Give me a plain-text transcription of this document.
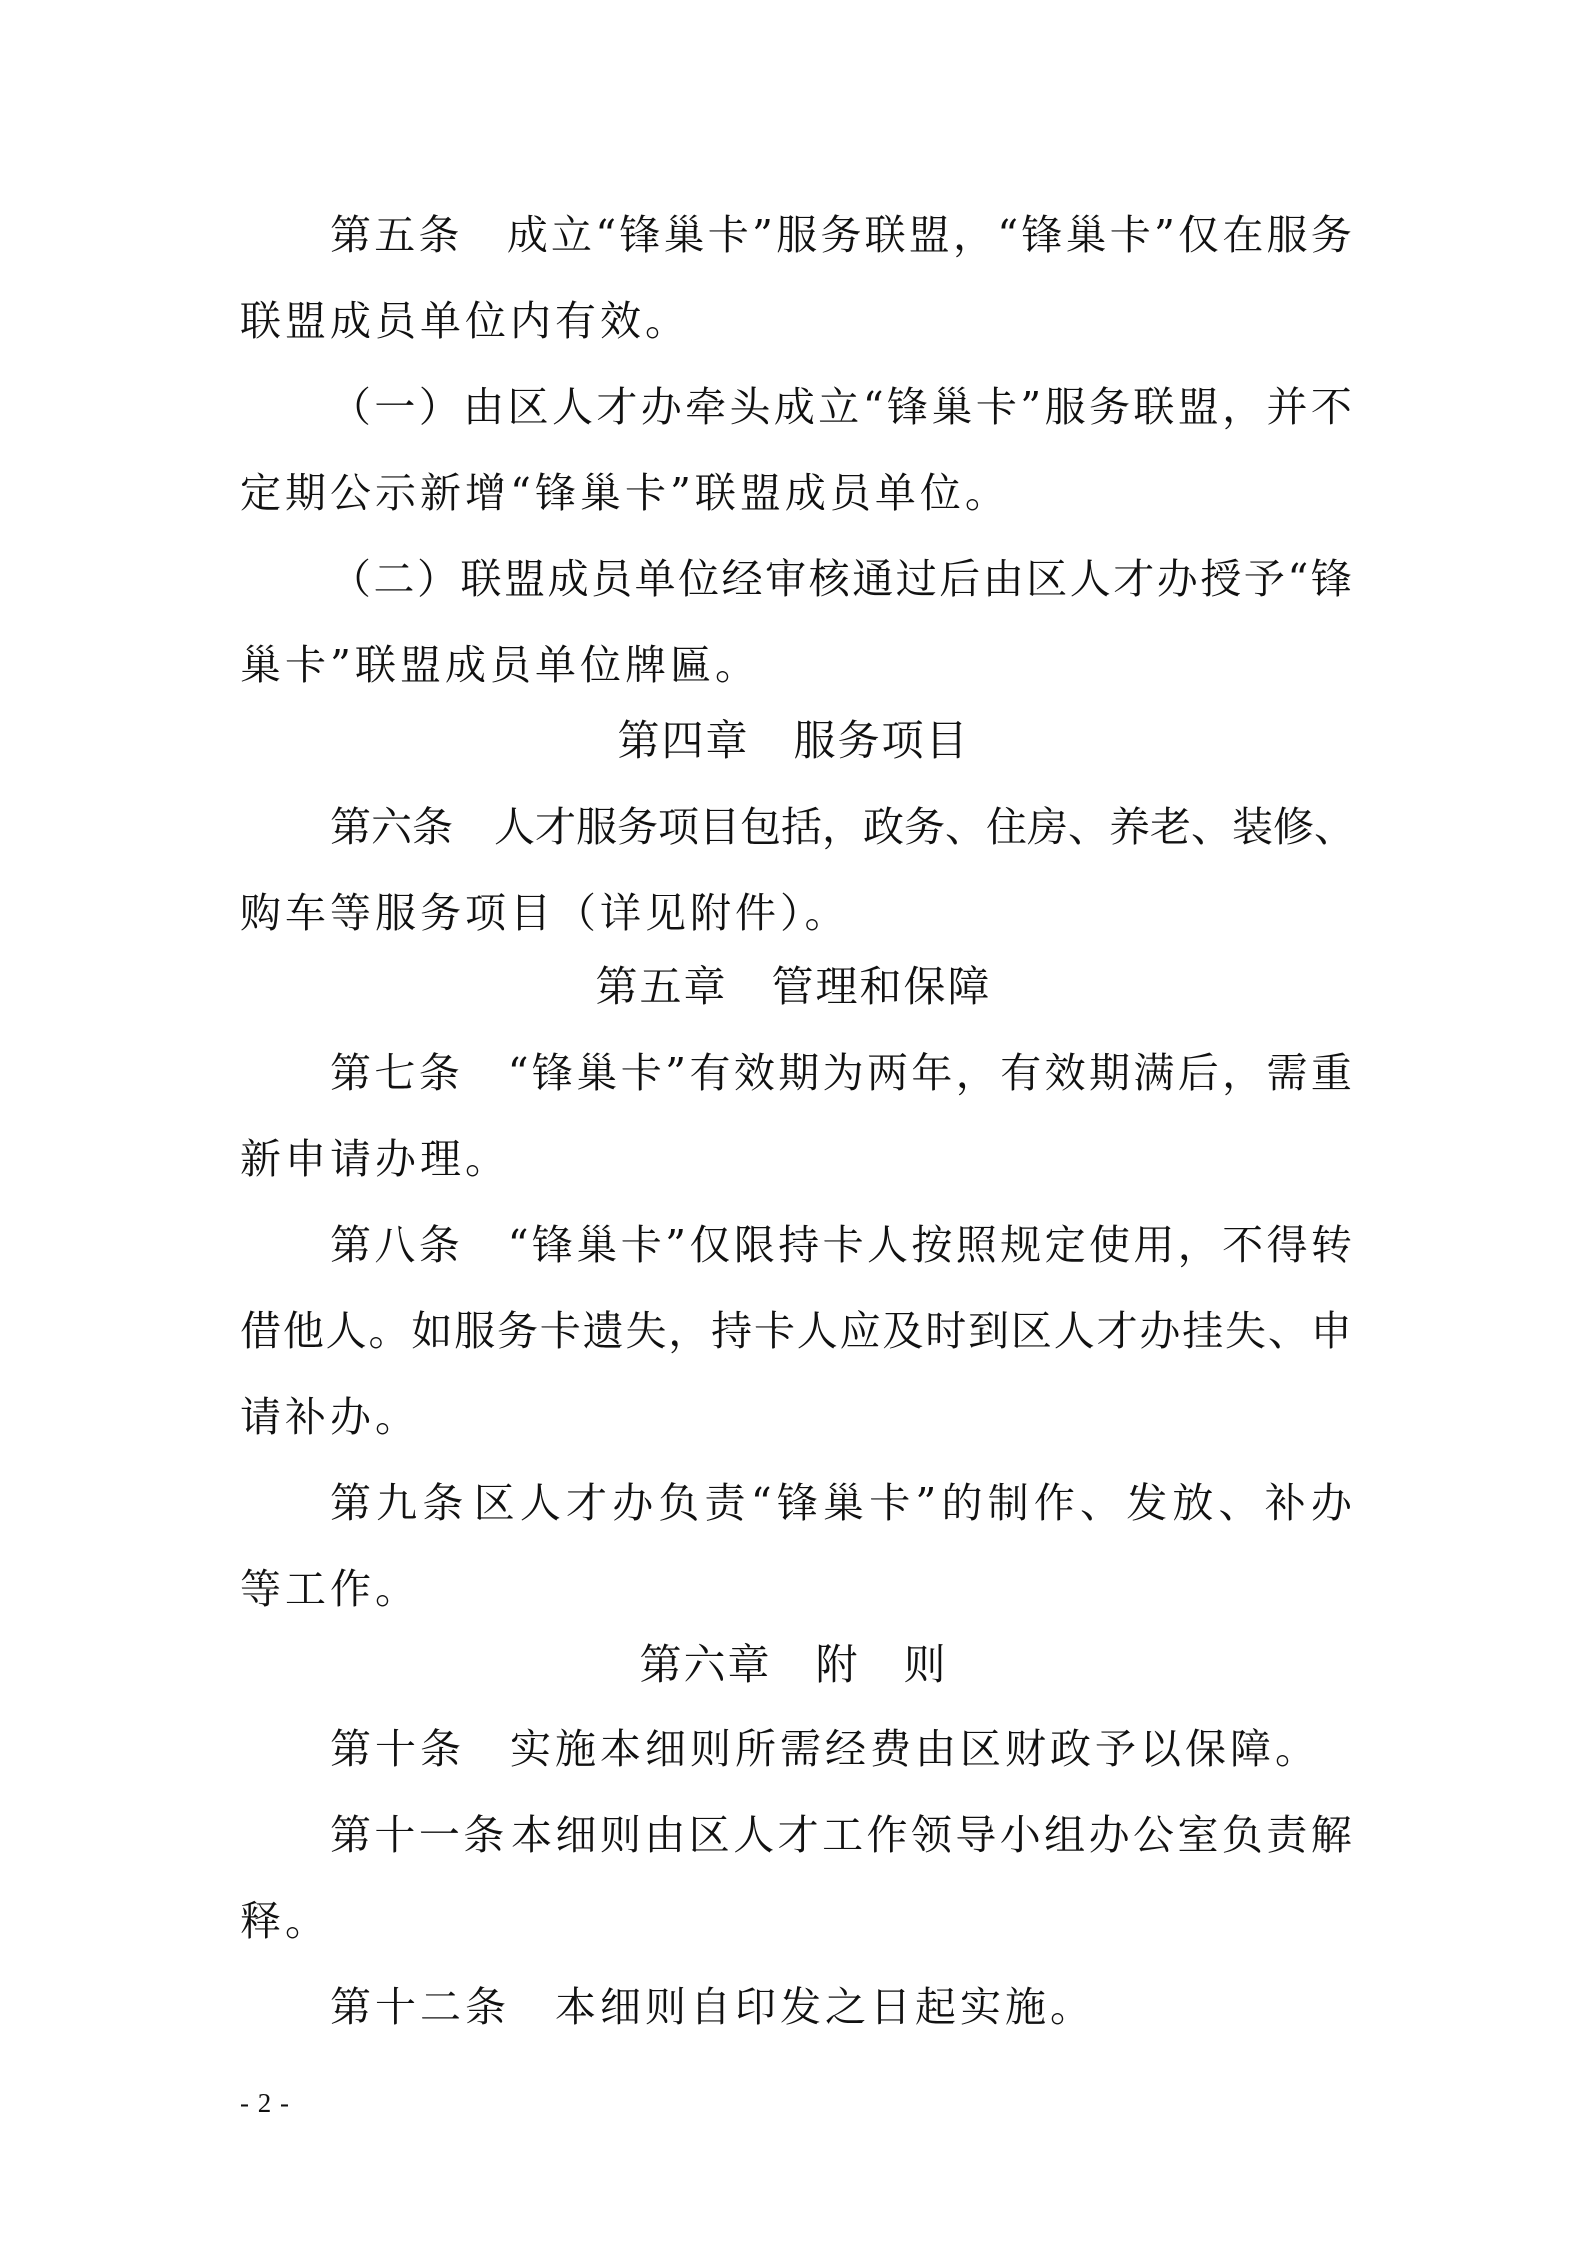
第 五 条
　 成 立 “ 锋 巢 卡 ” 服 务 联 盟 ， “ 锋 巢 卡 ” 仅 在 服 务
联盟成员单位内有效。
（ 一 ） 由 区 人 才 办 牵 头 成 立 “ 锋 巢 卡 ” 服 务 联 盟 ， 并 不
定期公示新增“锋巢卡”联盟成员单位。
（ 二 ） 联 盟 成 员 单 位 经 审 核 通 过 后 由 区 人 才 办 授 予 “ 锋
巢卡”联盟成员单位牌匾。
第四章　服务项目
第 六 条
　 人 才 服 务 项 目 包 括 ， 政 务 、 住 房 、 养 老 、 装 修 、
购车等服务项目（详见附件）。
第五章　管理和保障
第 七 条
　 “ 锋 巢 卡 ” 有 效 期 为 两 年 ， 有 效 期 满 后 ， 需 重
新申请办理。
第 八 条
　 “ 锋 巢 卡 ” 仅 限 持 卡 人 按 照 规 定 使 用 ， 不 得 转
借 他 人 。 如 服 务 卡 遗 失 ， 持 卡 人 应 及 时 到 区 人 才 办 挂 失 、 申
请补办。
第 九 条 区 人 才 办 负 责 “ 锋 巢 卡 ” 的 制 作 、 发 放 、 补 办
等工作。
第六章　附　则
第十条　实施本细则所需经费由区财政予以保障。
第 十 一 条 本 细 则 由 区 人 才 工 作 领 导 小 组 办 公 室 负 责 解
释。
第十二条　本细则自印发之日起实施。
- 2 -
